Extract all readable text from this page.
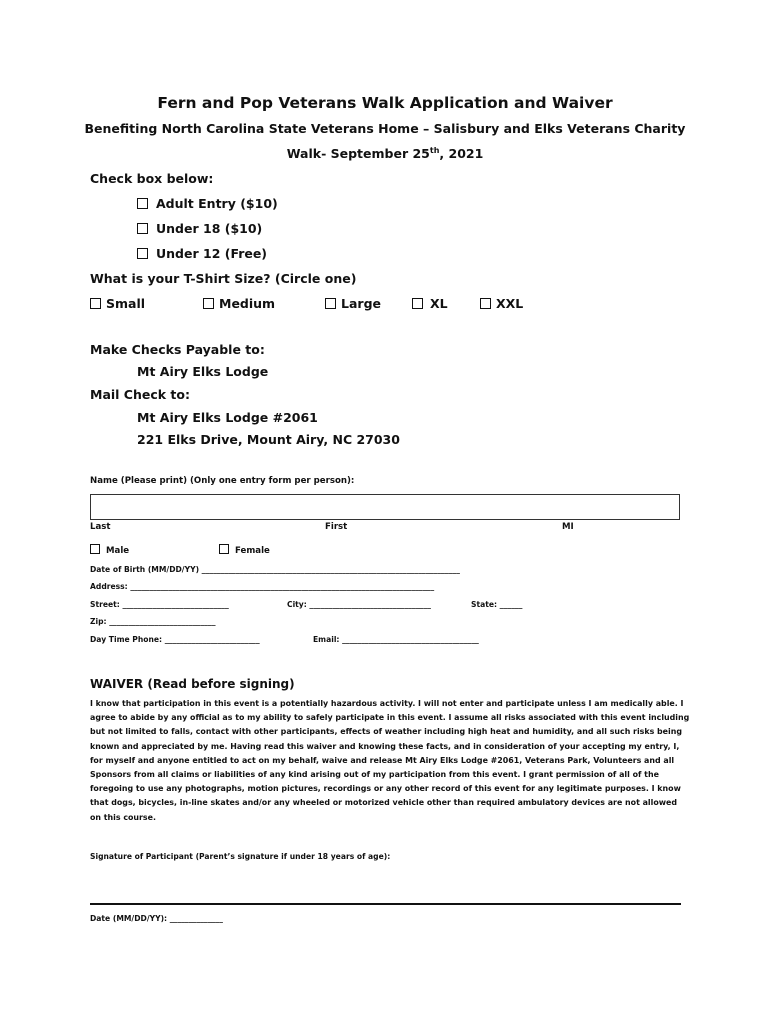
Fern and Pop Veterans Walk Application and Waiver
Benefiting North Carolina State Veterans Home – Salisbury and Elks Veterans Charity
Walk- September 25th, 2021
Check box below:
Adult Entry ($10)
Under 18 ($10)
Under 12 (Free)
What is your T-Shirt Size? (Circle one)
Small	Medium	Large	XL	XXL
Make Checks Payable to:
Mt Airy Elks Lodge
Mail Check to:
Mt Airy Elks Lodge #2061
221 Elks Drive, Mount Airy, NC 27030
Name (Please print) (Only one entry form per person):
Last	First	MI
Male	Female
Date of Birth (MM/DD/YY) ____________________________________________________________________
Address: ________________________________________________________________________________
Street: ____________________________	City: ________________________________	State: ______
Zip: ____________________________
Day Time Phone: _________________________	Email: ____________________________________
WAIVER (Read before signing)
I know that participation in this event is a potentially hazardous activity. I will not enter and participate unless I am medically able. I agree to abide by any official as to my ability to safely participate in this event. I assume all risks associated with this event including but not limited to falls, contact with other participants, effects of weather including high heat and humidity, and all such risks being known and appreciated by me. Having read this waiver and knowing these facts, and in consideration of your accepting my entry, I, for myself and anyone entitled to act on my behalf, waive and release Mt Airy Elks Lodge #2061, Veterans Park, Volunteers and all Sponsors from all claims or liabilities of any kind arising out of my participation from this event. I grant permission of all of the foregoing to use any photographs, motion pictures, recordings or any other record of this event for any legitimate purposes. I know that dogs, bicycles, in-line skates and/or any wheeled or motorized vehicle other than required ambulatory devices are not allowed on this course.
Signature of Participant (Parent’s signature if under 18 years of age):
Date (MM/DD/YY): ______________
